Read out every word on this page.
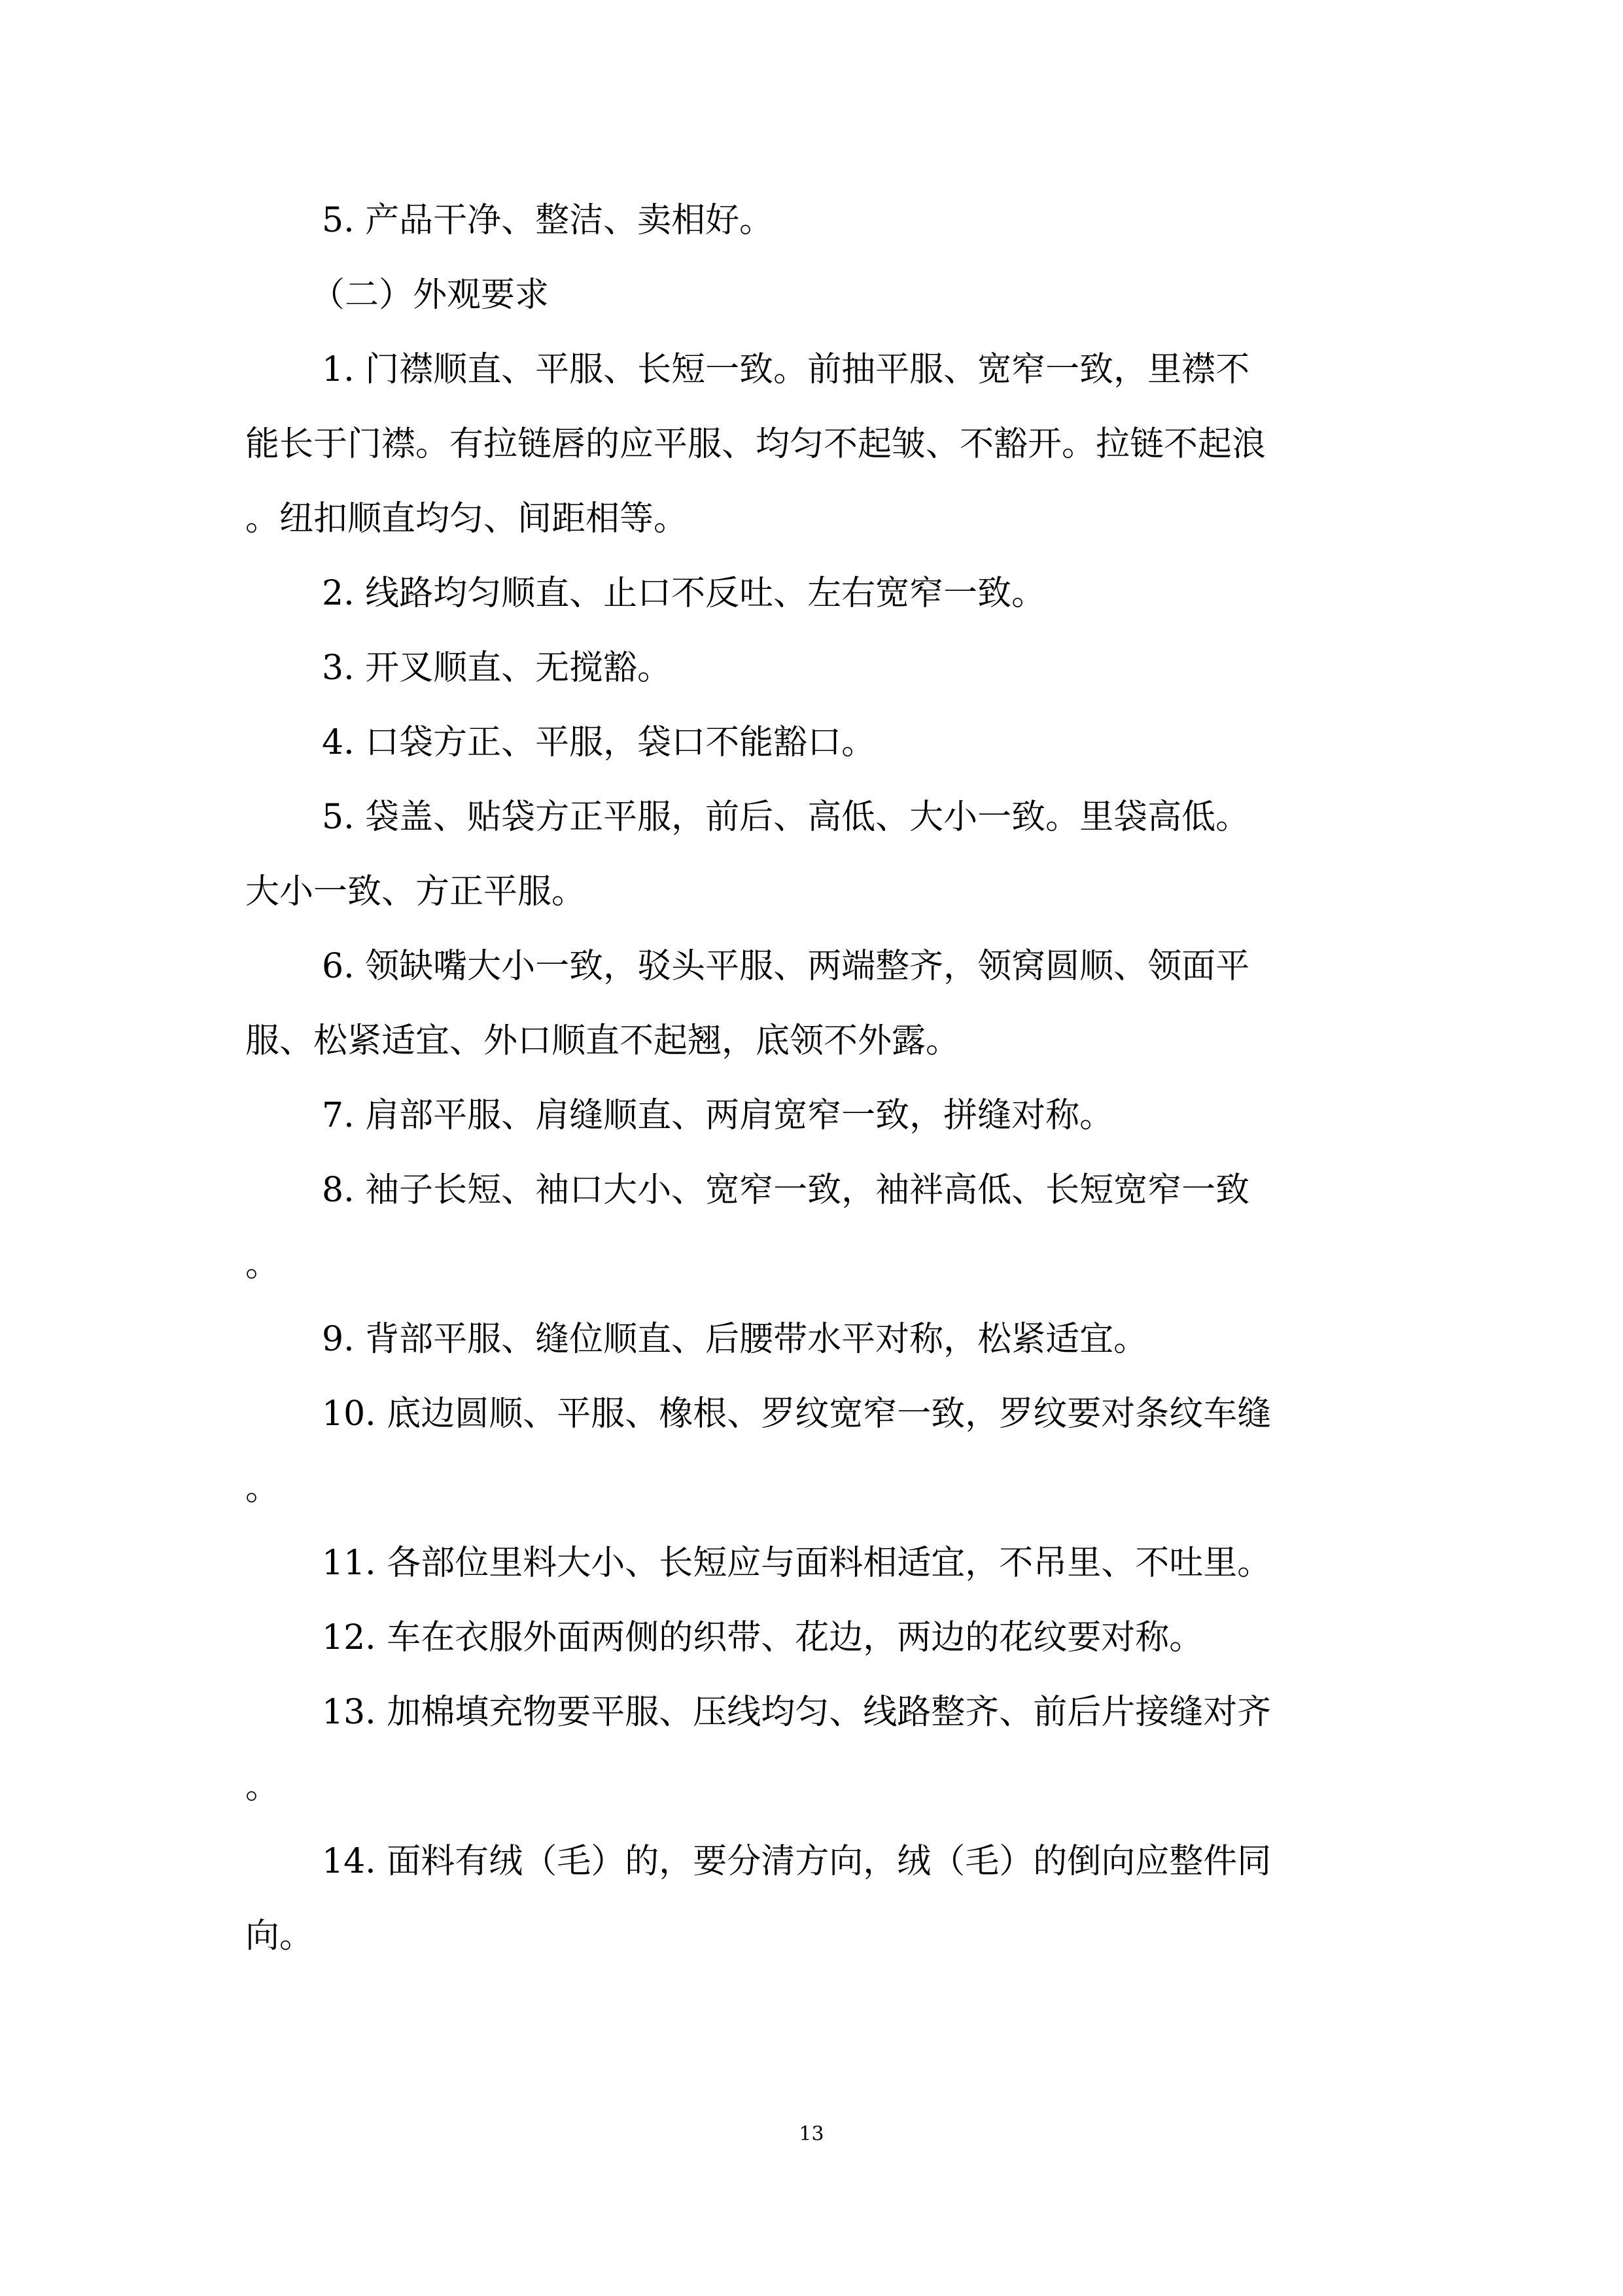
5. 产品干净、整洁、卖相好。
（二）外观要求
1. 门襟顺直、平服、长短一致。前抽平服、宽窄一致，里襟不
能长于门襟。有拉链唇的应平服、均匀不起皱、不豁开。拉链不起浪
。纽扣顺直均匀、间距相等。
2. 线路均匀顺直、止口不反吐、左右宽窄一致。
3. 开叉顺直、无搅豁。
4. 口袋方正、平服，袋口不能豁口。
5. 袋盖、贴袋方正平服，前后、高低、大小一致。里袋高低。
大小一致、方正平服。
6. 领缺嘴大小一致，驳头平服、两端整齐，领窝圆顺、领面平
服、松紧适宜、外口顺直不起翘，底领不外露。
7. 肩部平服、肩缝顺直、两肩宽窄一致，拼缝对称。
8. 袖子长短、袖口大小、宽窄一致，袖袢高低、长短宽窄一致
。
9. 背部平服、缝位顺直、后腰带水平对称，松紧适宜。
10. 底边圆顺、平服、橡根、罗纹宽窄一致，罗纹要对条纹车缝
。
11. 各部位里料大小、长短应与面料相适宜，不吊里、不吐里。
12. 车在衣服外面两侧的织带、花边，两边的花纹要对称。
13. 加棉填充物要平服、压线均匀、线路整齐、前后片接缝对齐
。
14. 面料有绒（毛）的，要分清方向，绒（毛）的倒向应整件同
向。
13
